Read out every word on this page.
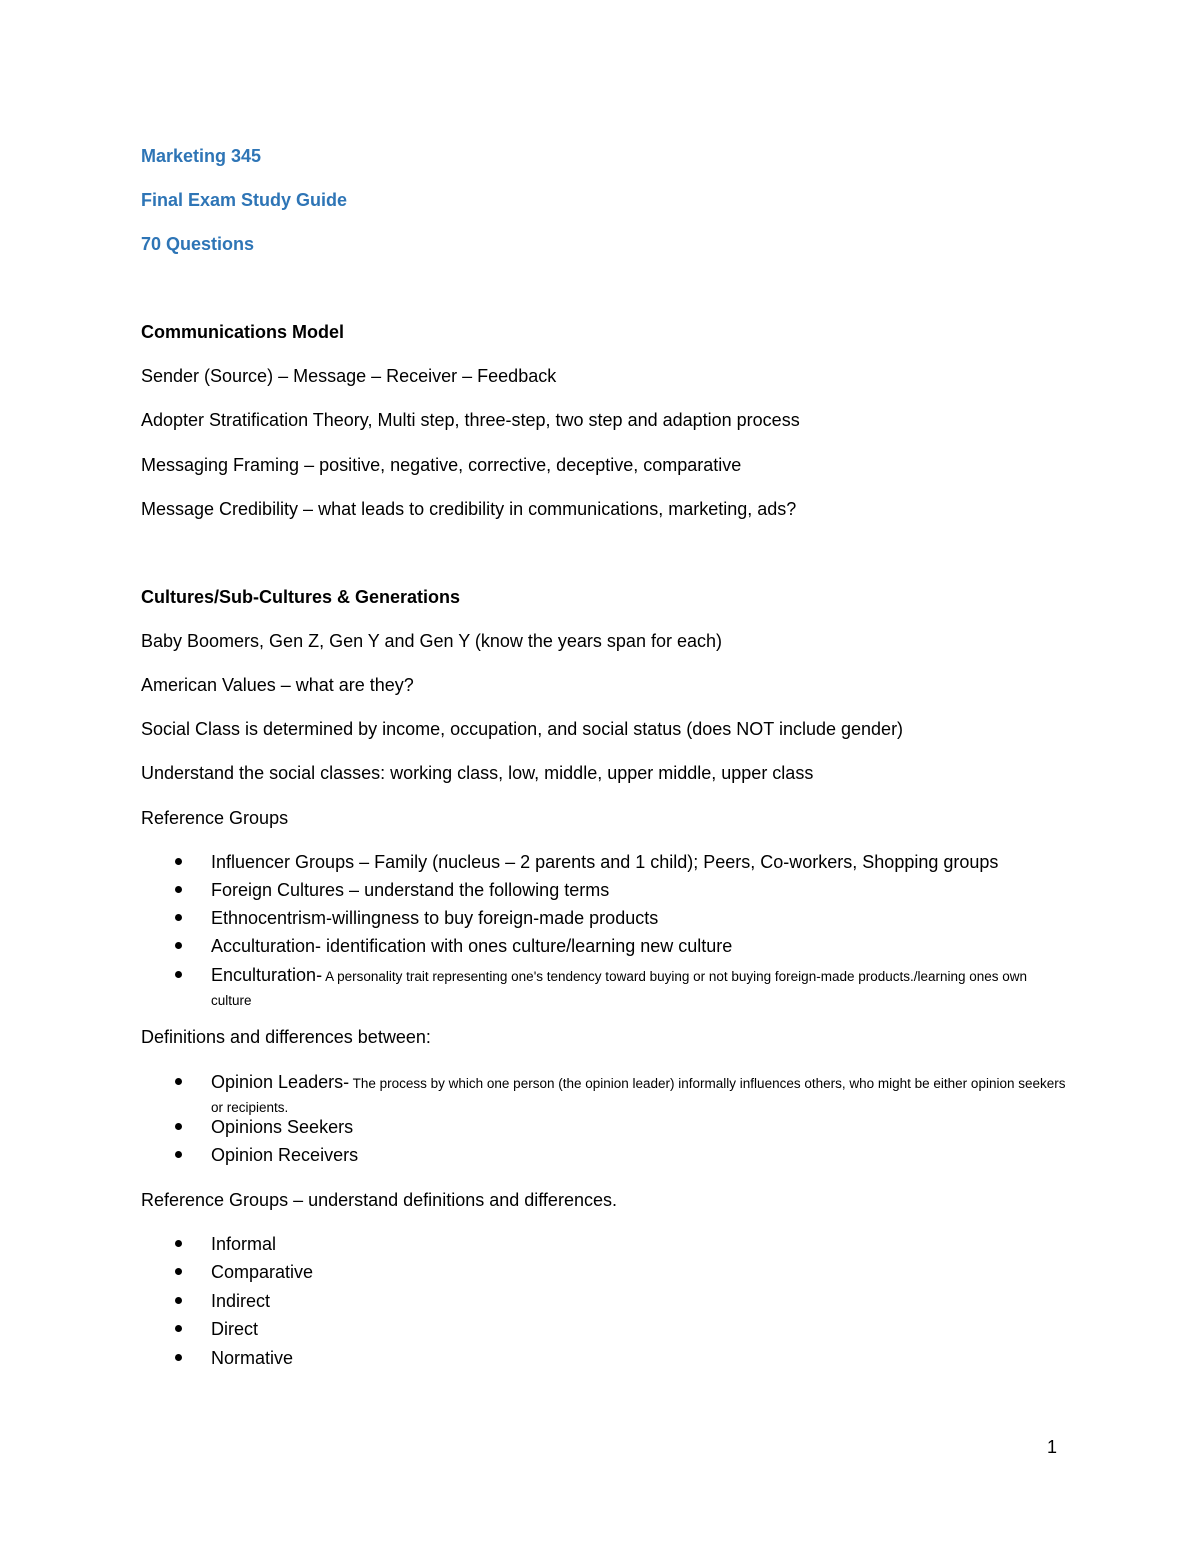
Marketing 345
Final Exam Study Guide
70 Questions
Communications Model
Sender (Source) – Message – Receiver – Feedback
Adopter Stratification Theory, Multi step, three-step, two step and adaption process
Messaging Framing – positive, negative, corrective, deceptive, comparative
Message Credibility – what leads to credibility in communications, marketing, ads?
Cultures/Sub-Cultures & Generations
Baby Boomers, Gen Z, Gen Y and Gen Y (know the years span for each)
American Values – what are they?
Social Class is determined by income, occupation, and social status (does NOT include gender)
Understand the social classes: working class, low, middle, upper middle, upper class
Reference Groups
Influencer Groups – Family (nucleus – 2 parents and 1 child); Peers, Co-workers, Shopping groups
Foreign Cultures – understand the following terms
Ethnocentrism-willingness to buy foreign-made products
Acculturation- identification with ones culture/learning new culture
Enculturation- A personality trait representing one's tendency toward buying or not buying foreign-made products./learning ones own culture
Definitions and differences between:
Opinion Leaders- The process by which one person (the opinion leader) informally influences others, who might be either opinion seekers or recipients.
Opinions Seekers
Opinion Receivers
Reference Groups – understand definitions and differences.
Informal
Comparative
Indirect
Direct
Normative
1
